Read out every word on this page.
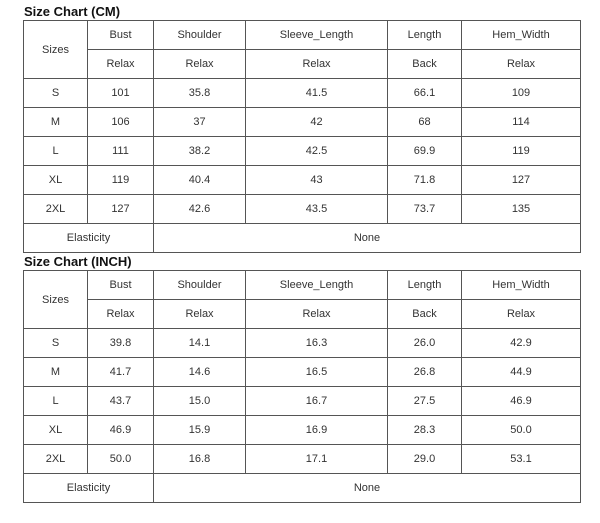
Size Chart (CM)
Sizes	Bust	Shoulder	Sleeve_Length	Length	Hem_Width
	Relax	Relax	Relax	Back	Relax
S	101	35.8	41.5	66.1	109
M	106	37	42	68	114
L	111	38.2	42.5	69.9	119
XL	119	40.4	43	71.8	127
2XL	127	42.6	43.5	73.7	135
Elasticity		None			
Size Chart (INCH)
Sizes	Bust	Shoulder	Sleeve_Length	Length	Hem_Width
	Relax	Relax	Relax	Back	Relax
S	39.8	14.1	16.3	26.0	42.9
M	41.7	14.6	16.5	26.8	44.9
L	43.7	15.0	16.7	27.5	46.9
XL	46.9	15.9	16.9	28.3	50.0
2XL	50.0	16.8	17.1	29.0	53.1
Elasticity		None			
